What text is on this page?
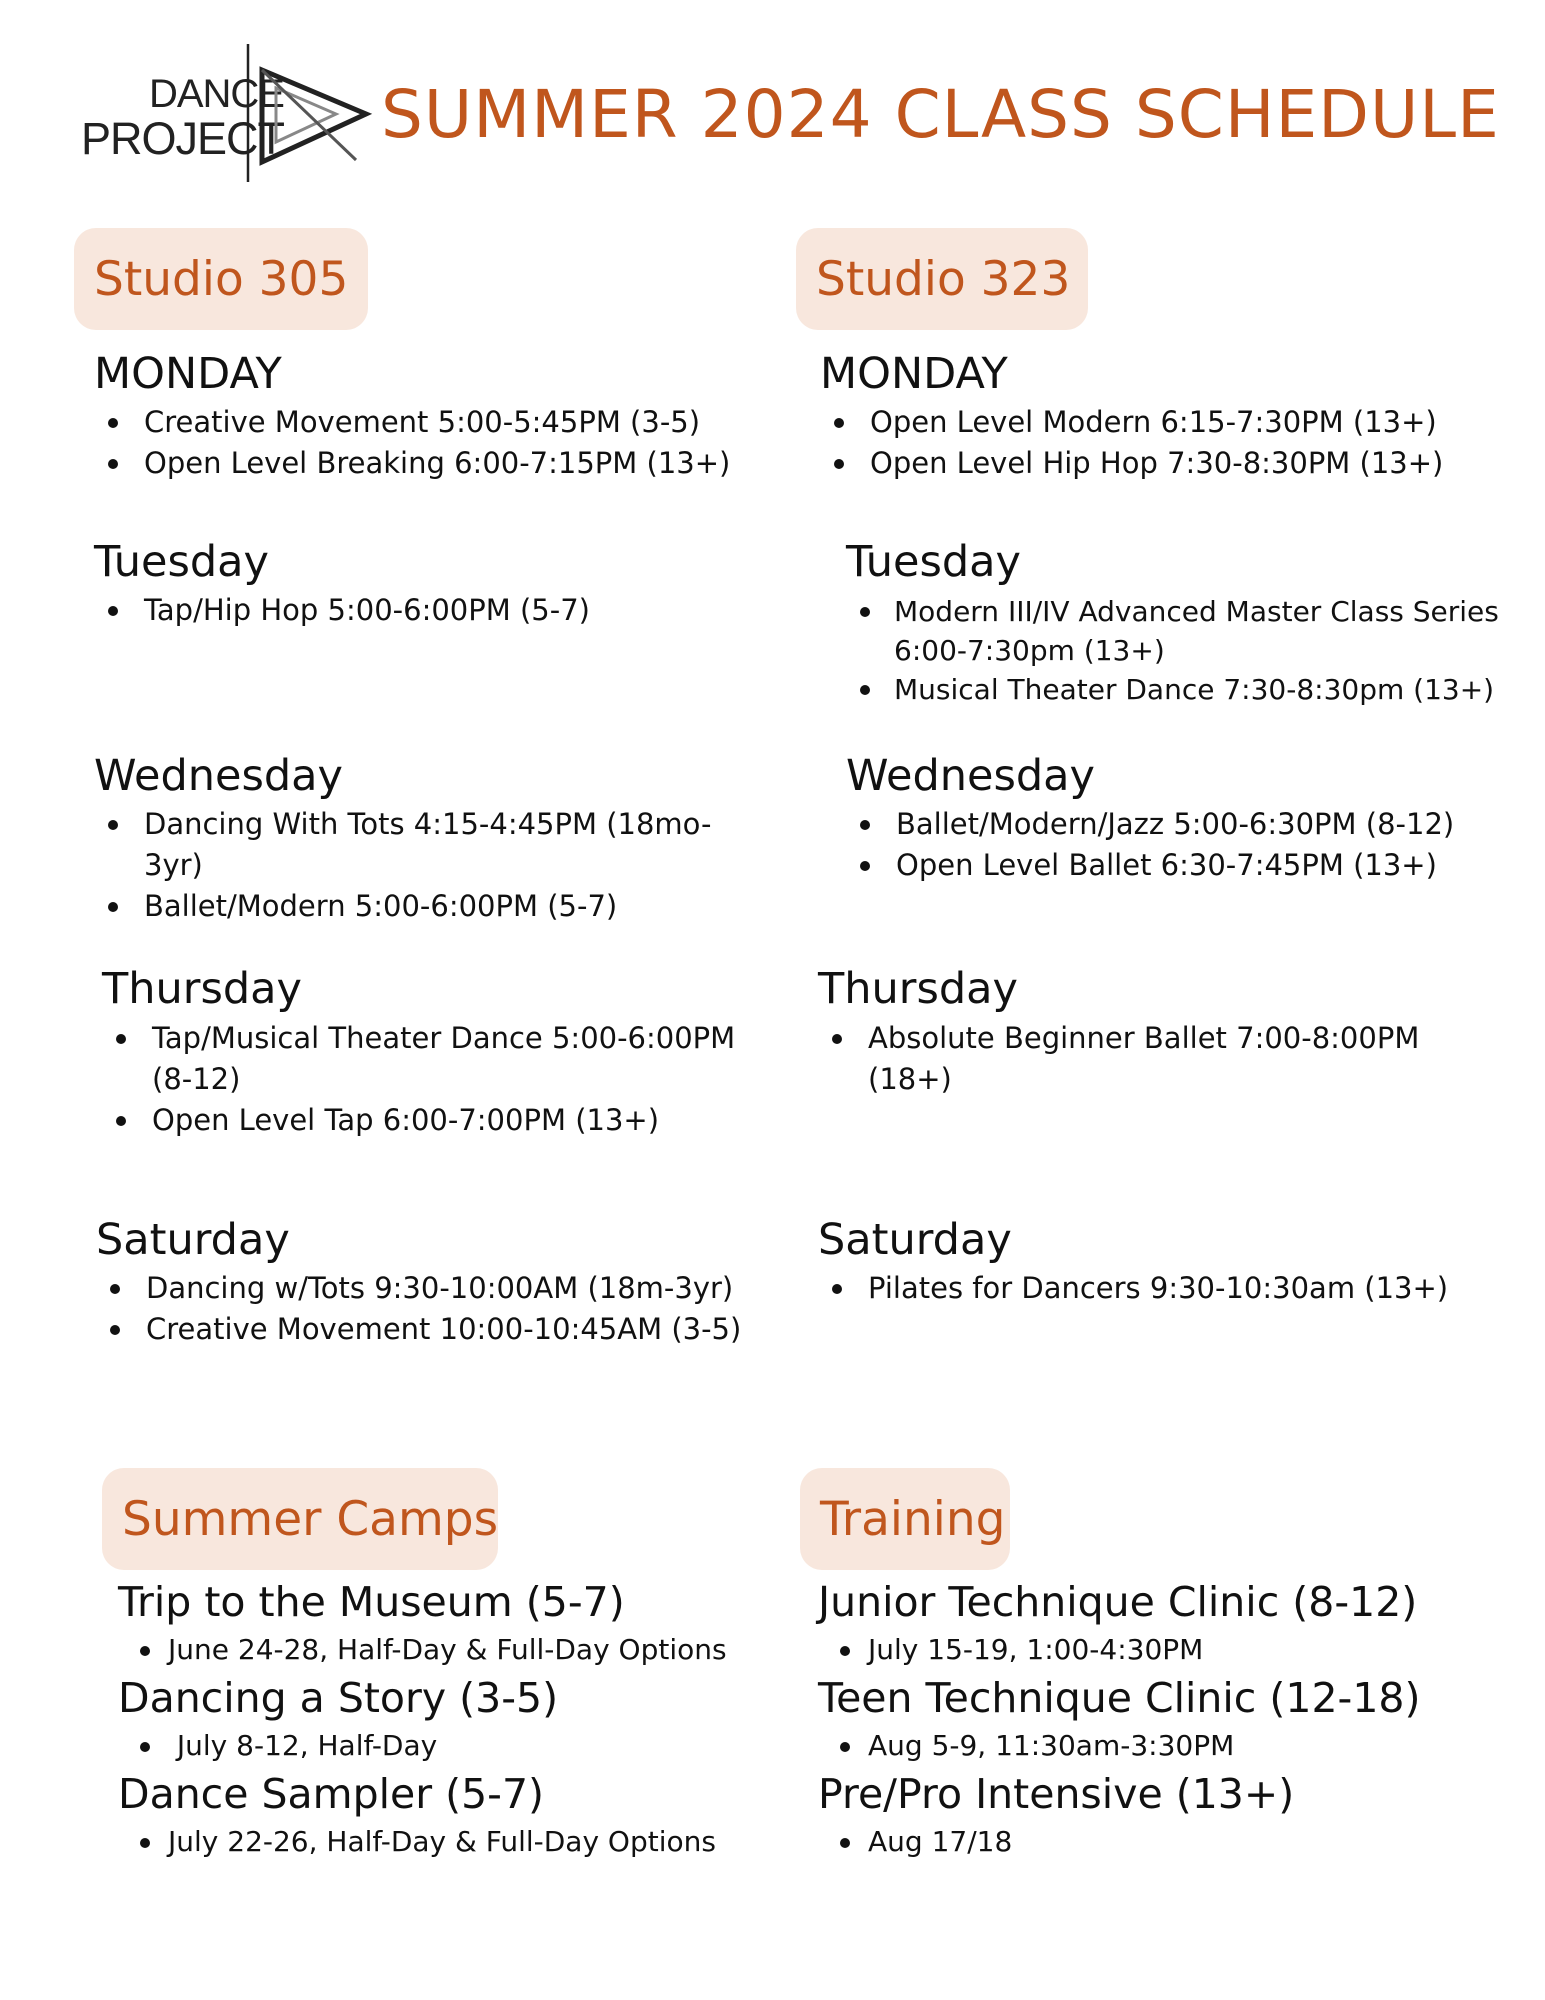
DANCE
PROJECT SUMMER 2024 CLASS SCHEDULE
Studio 305
MONDAY
Creative Movement 5:00-5:45PM (3-5)
Open Level Breaking 6:00-7:15PM (13+)
Tuesday
Tap/Hip Hop 5:00-6:00PM (5-7)
Wednesday
Dancing With Tots 4:15-4:45PM (18mo-3yr)
Ballet/Modern 5:00-6:00PM (5-7)
Thursday
Tap/Musical Theater Dance 5:00-6:00PM (8-12)
Open Level Tap 6:00-7:00PM (13+)
Saturday
Dancing w/Tots 9:30-10:00AM (18m-3yr)
Creative Movement 10:00-10:45AM (3-5)
Studio 323
MONDAY
Open Level Modern 6:15-7:30PM (13+)
Open Level Hip Hop 7:30-8:30PM (13+)
Tuesday
Modern III/IV Advanced Master Class Series 6:00-7:30pm (13+)
Musical Theater Dance 7:30-8:30pm (13+)
Wednesday
Ballet/Modern/Jazz 5:00-6:30PM (8-12)
Open Level Ballet 6:30-7:45PM (13+)
Thursday
Absolute Beginner Ballet 7:00-8:00PM (18+)
Saturday
Pilates for Dancers 9:30-10:30am (13+)
Summer Camps
Trip to the Museum (5-7)
June 24-28, Half-Day & Full-Day Options
Dancing a Story (3-5)
July 8-12, Half-Day
Dance Sampler (5-7)
July 22-26, Half-Day & Full-Day Options
Training
Junior Technique Clinic (8-12)
July 15-19, 1:00-4:30PM
Teen Technique Clinic (12-18)
Aug 5-9, 11:30am-3:30PM
Pre/Pro Intensive (13+)
Aug 17/18
